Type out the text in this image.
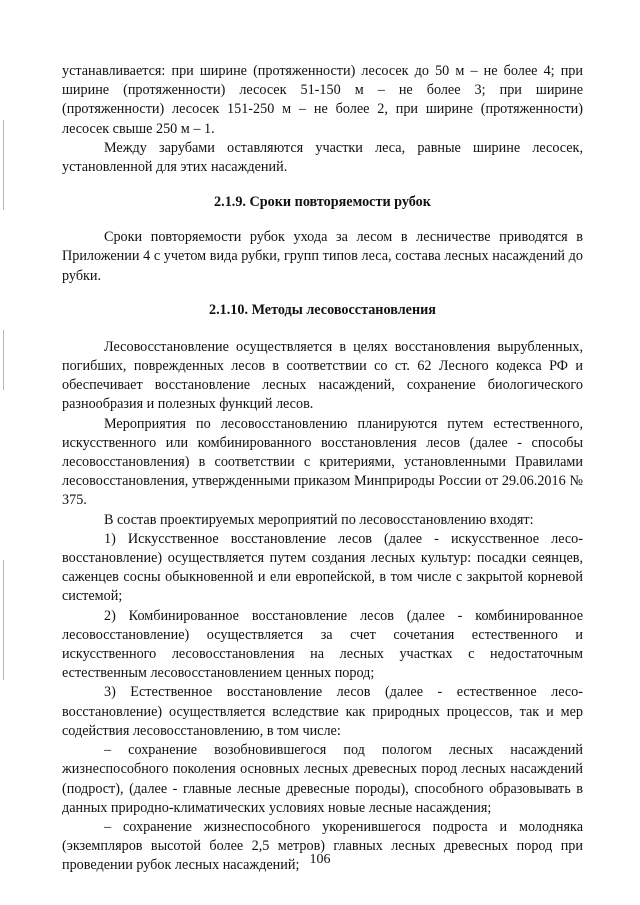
устанавливается: при ширине (протяженности) лесосек до 50 м – не более 4; при ширине (протяженности) лесосек 51-150 м – не более 3; при ширине (протяженности) лесосек 151-250 м – не более 2, при ширине (протяженности) лесосек свыше 250 м – 1.

Между зарубами оставляются участки леса, равные ширине лесосек, установленной для этих насаждений.

2.1.9. Сроки повторяемости рубок

Сроки повторяемости рубок ухода за лесом в лесничестве приводятся в Приложении 4 с учетом вида рубки, групп типов леса, состава лесных насаждений до рубки.

2.1.10. Методы лесовосстановления

Лесовосстановление осуществляется в целях восстановления вырубленных, погибших, поврежденных лесов в соответствии со ст. 62 Лесного кодекса РФ и обеспечивает восстановление лесных насаждений, сохранение биологического разнообразия и полезных функций лесов.

Мероприятия по лесовосстановлению планируются путем естественного, искусственного или комбинированного восстановления лесов (далее - способы лесовосстановления) в соответствии с критериями, установленными Правилами лесовосстановления, утвержденными приказом Минприроды России от 29.06.2016 № 375.

В состав проектируемых мероприятий по лесовосстановлению входят:

1) Искусственное восстановление лесов (далее - искусственное лесо-восстановление) осуществляется путем создания лесных культур: посадки сеянцев, саженцев сосны обыкновенной и ели европейской, в том числе с закрытой корневой системой;

2) Комбинированное восстановление лесов (далее - комбинированное лесовосстановление) осуществляется за счет сочетания естественного и искусственного лесовосстановления на лесных участках с недостаточным естественным лесовосстановлением ценных пород;

3) Естественное восстановление лесов (далее - естественное лесо-восстановление) осуществляется вследствие как природных процессов, так и мер содействия лесовосстановлению, в том числе:

– сохранение возобновившегося под пологом лесных насаждений жизнеспособного поколения основных лесных древесных пород лесных насаждений (подрост), (далее - главные лесные древесные породы), способного образовывать в данных природно-климатических условиях новые лесные насаждения;

– сохранение жизнеспособного укоренившегося подроста и молодняка (экземпляров высотой более 2,5 метров) главных лесных древесных пород при проведении рубок лесных насаждений; 106
